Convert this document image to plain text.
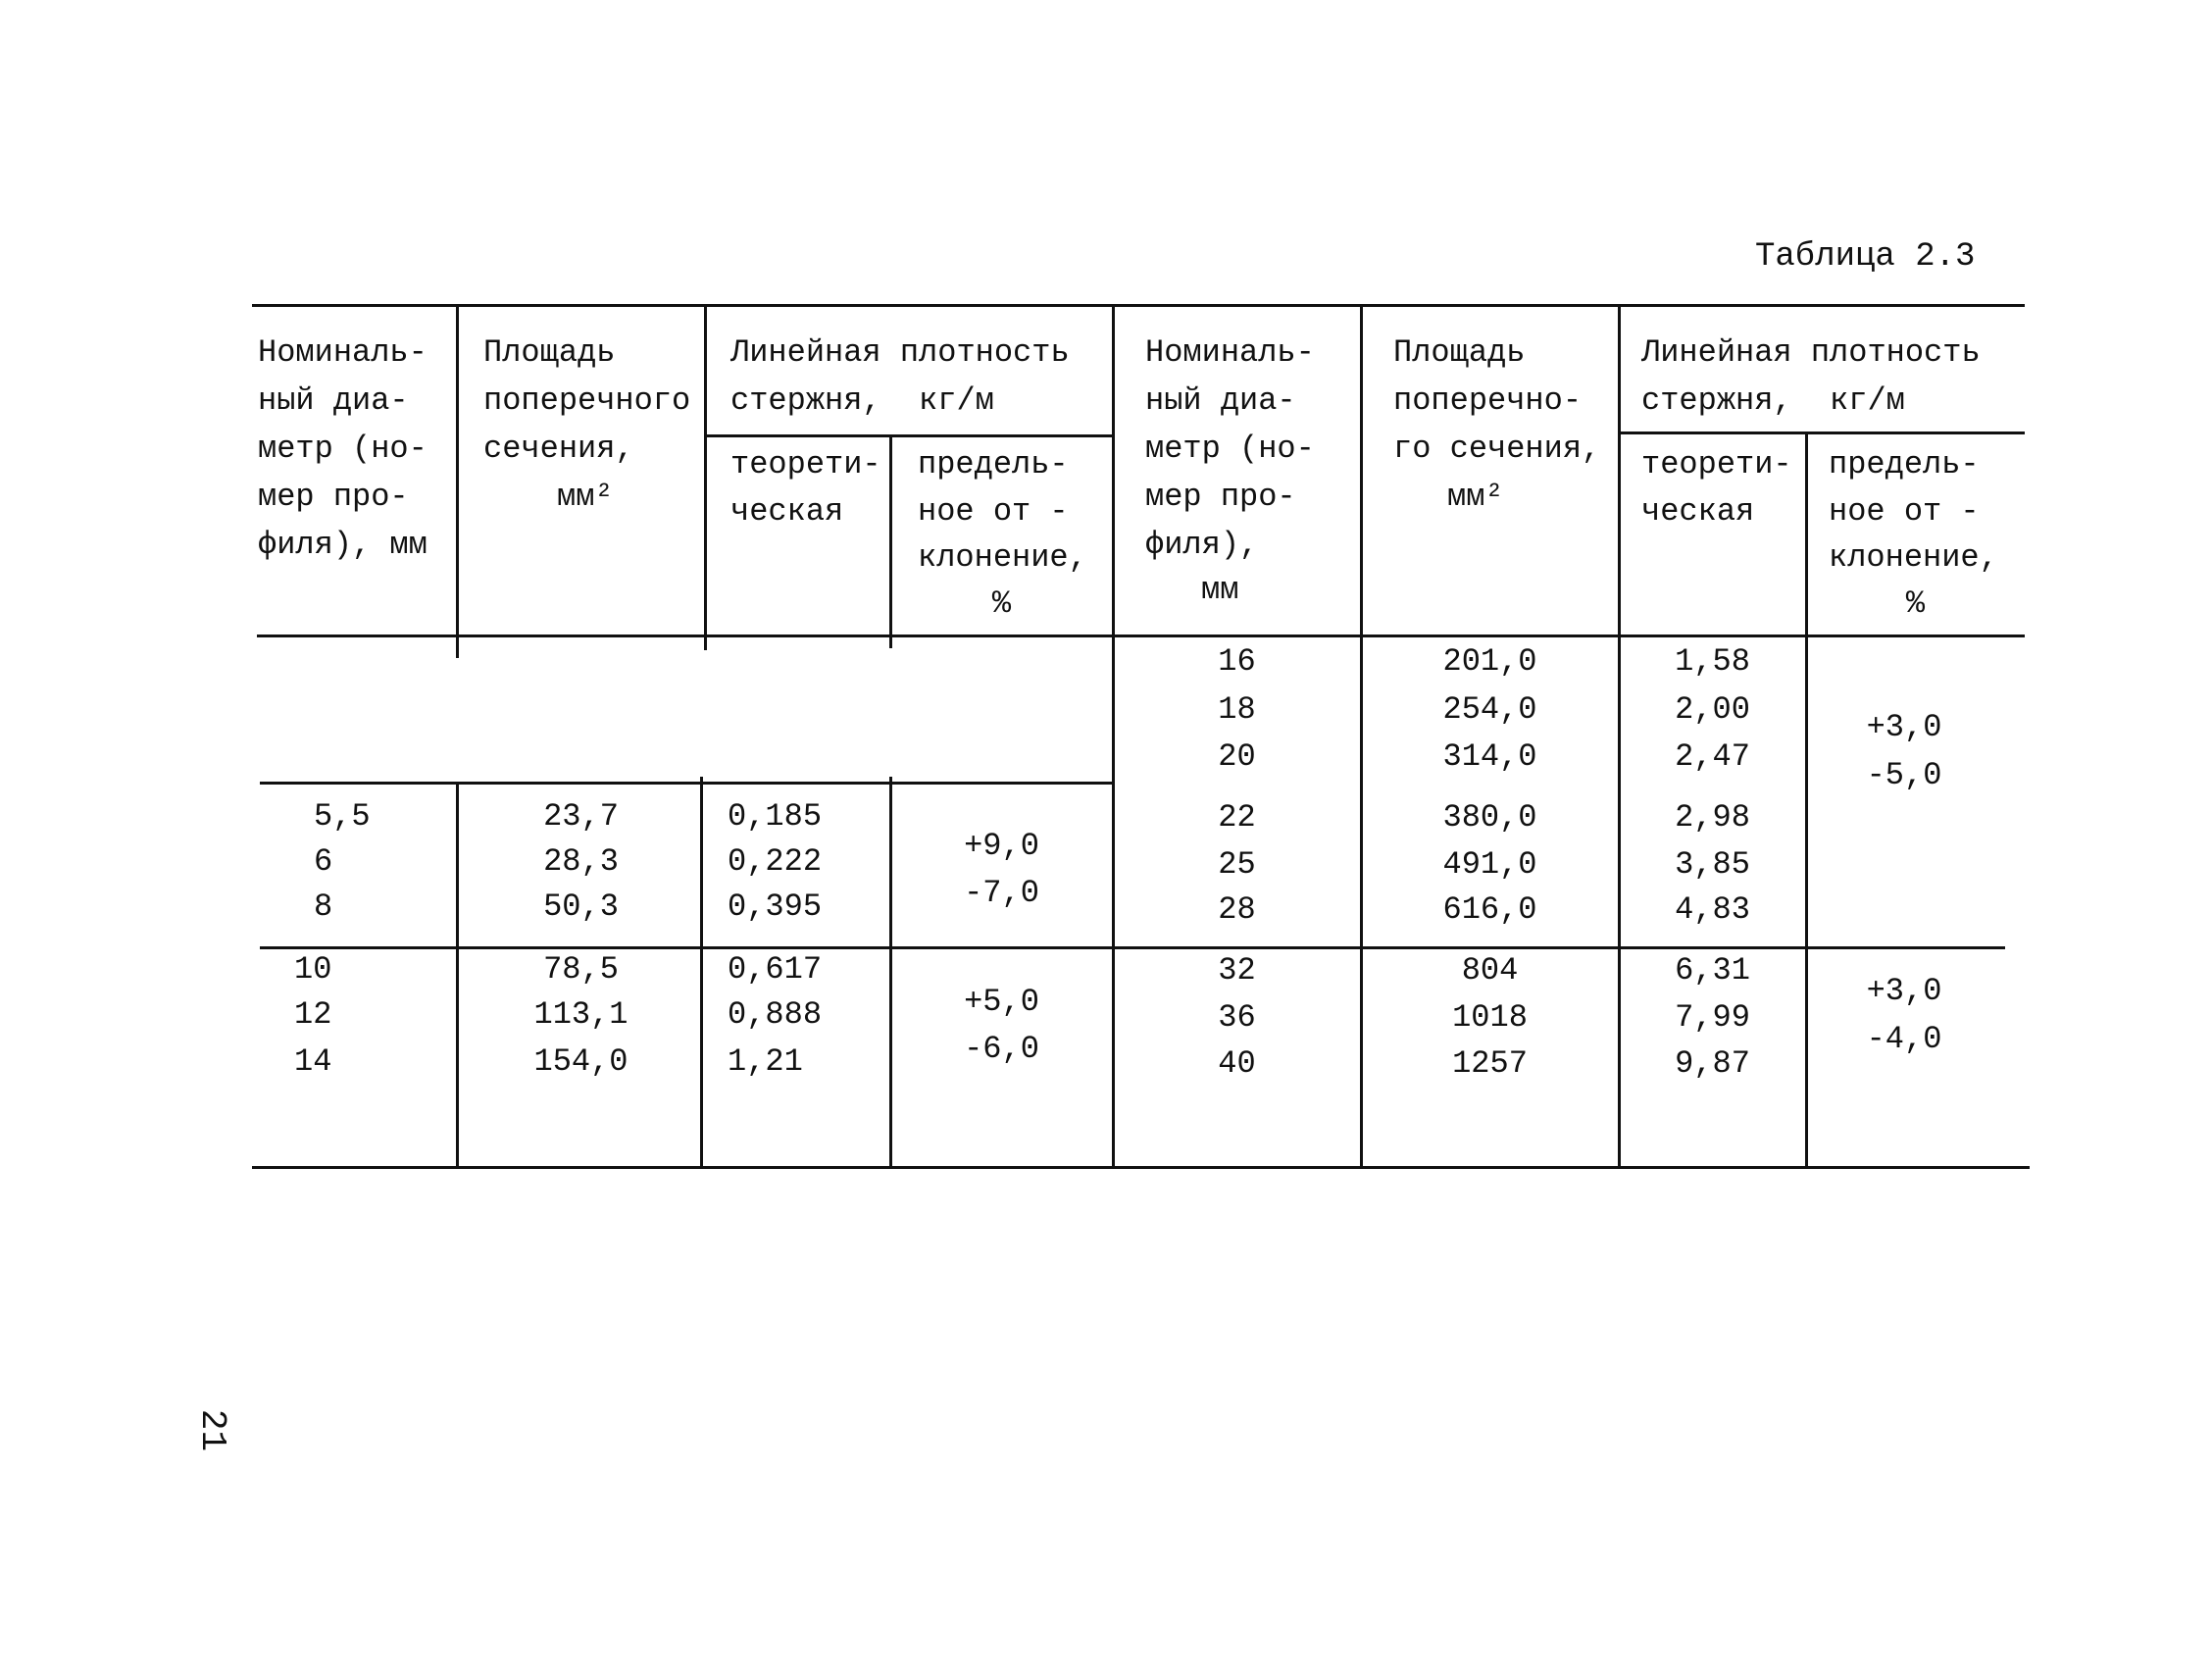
Таблица 2.3
Номиналь-
ный диа-
метр (но-
мер про-
филя), мм
Площадь
поперечного
сечения,
мм²
Линейная плотность
стержня,  кг/м
теорети-
ческая
предель-
ное от -
клонение,
%
Номиналь-
ный диа-
метр (но-
мер про-
филя),
мм
Площадь
поперечно-
го сечения,
мм²
Линейная плотность
стержня,  кг/м
теорети-
ческая
предель-
ное от -
клонение,
%
5,5
6
8
23,7
28,3
50,3
0,185
0,222
0,395
+9,0
-7,0
10
12
14
78,5
113,1
154,0
0,617
0,888
1,21
+5,0
-6,0
16
18
20
22
25
28
201,0
254,0
314,0
380,0
491,0
616,0
1,58
2,00
2,47
2,98
3,85
4,83
+3,0
-5,0
32
36
40
804
1018
1257
6,31
7,99
9,87
+3,0
-4,0
21
